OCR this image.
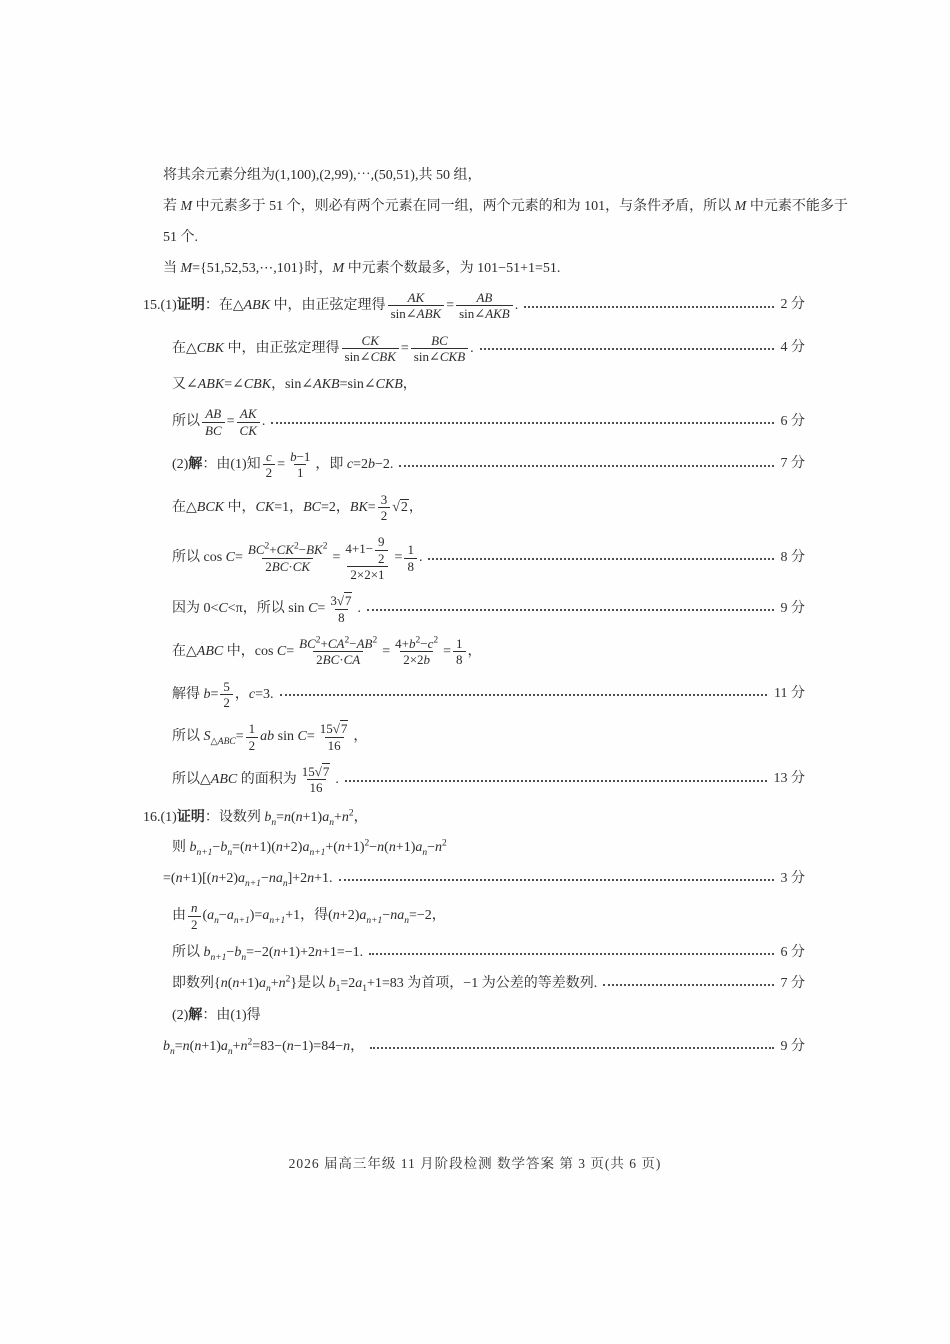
将其余元素分组为(1,100),(2,99),⋯,(50,51),共 50 组，
若 M 中元素多于 51 个，则必有两个元素在同一组，两个元素的和为 101，与条件矛盾，所以 M 中元素不能多于
51 个.
当 M={51,52,53,⋯,101}时，M 中元素个数最多，为 101−51+1=51.
15.(1)证明：在△ABK 中，由正弦定理得 $\frac{AK}{\text{sin∠ABK}} = \frac{AB}{\text{sin∠AKB}}$ .	2 分
在△CBK 中，由正弦定理得 $\frac{CK}{\text{sin∠CBK}} = \frac{BC}{\text{sin∠CKB}}$ .	4 分
又∠ABK=∠CBK，sin∠AKB=sin∠CKB，
所以 $\frac{AB}{BC} = \frac{AK}{CK}$ .	6 分
(2)解：由(1)知 $\frac{c}{2} = \frac{b-1}{1}$ ，即 c=2b−2.	7 分
在△BCK 中，CK=1，BC=2，$BK= \frac{3}{2} √2$，
所以 $\cos C= \frac{BC^2+CK^2-BK^2}{2BC\cdot CK} = \frac{4+1- \frac{9}{2}}{2\times 2\times 1} = \frac{1}{8}$ .	8 分
因为 0<C<π，所以 $\sin C= \frac{3√7}{8}$ .	9 分
在△ABC 中，$\cos C= \frac{BC^2+CA^2-AB^2}{2BC\cdot CA} = \frac{4+b^2-c^2}{2\times 2b} = \frac{1}{8}$ ，
解得 $b= \frac{5}{2}$ ，c=3.	11 分
所以 $S_{\triangle ABC}= \frac{1}{2}$ ab $\sin C= \frac{15√7}{16}$ ，
所以△ABC 的面积为 $\frac{15√7}{16}$ .	13 分
16.(1)证明：设数列 $b_n=n(n+1)a_n+n^2$，
则 $b_{n+1}-b_n=(n+1)(n+2)a_{n+1}+(n+1)^2-n(n+1)a_n-n^2$
$=(n+1)[(n+2)a_{n+1}-na_n]+2n+1$.	3 分
由 $\frac{n}{2} (a_n-a_{n+1})=a_{n+1}+1$，得$(n+2)a_{n+1}-na_n=-2$，
所以 $b_{n+1}-b_n=-2(n+1)+2n+1=-1$.	6 分
即数列$\{n(n+1)a_n+n^2\}$是以 $b_1=2a_1+1=83$ 为首项，−1 为公差的等差数列.	7 分
(2)解：由(1)得
$b_n=n(n+1)a_n+n^2=83-(n-1)=84-n$，	9 分
2026 届高三年级 11 月阶段检测 数学答案 第 3 页(共 6 页)
